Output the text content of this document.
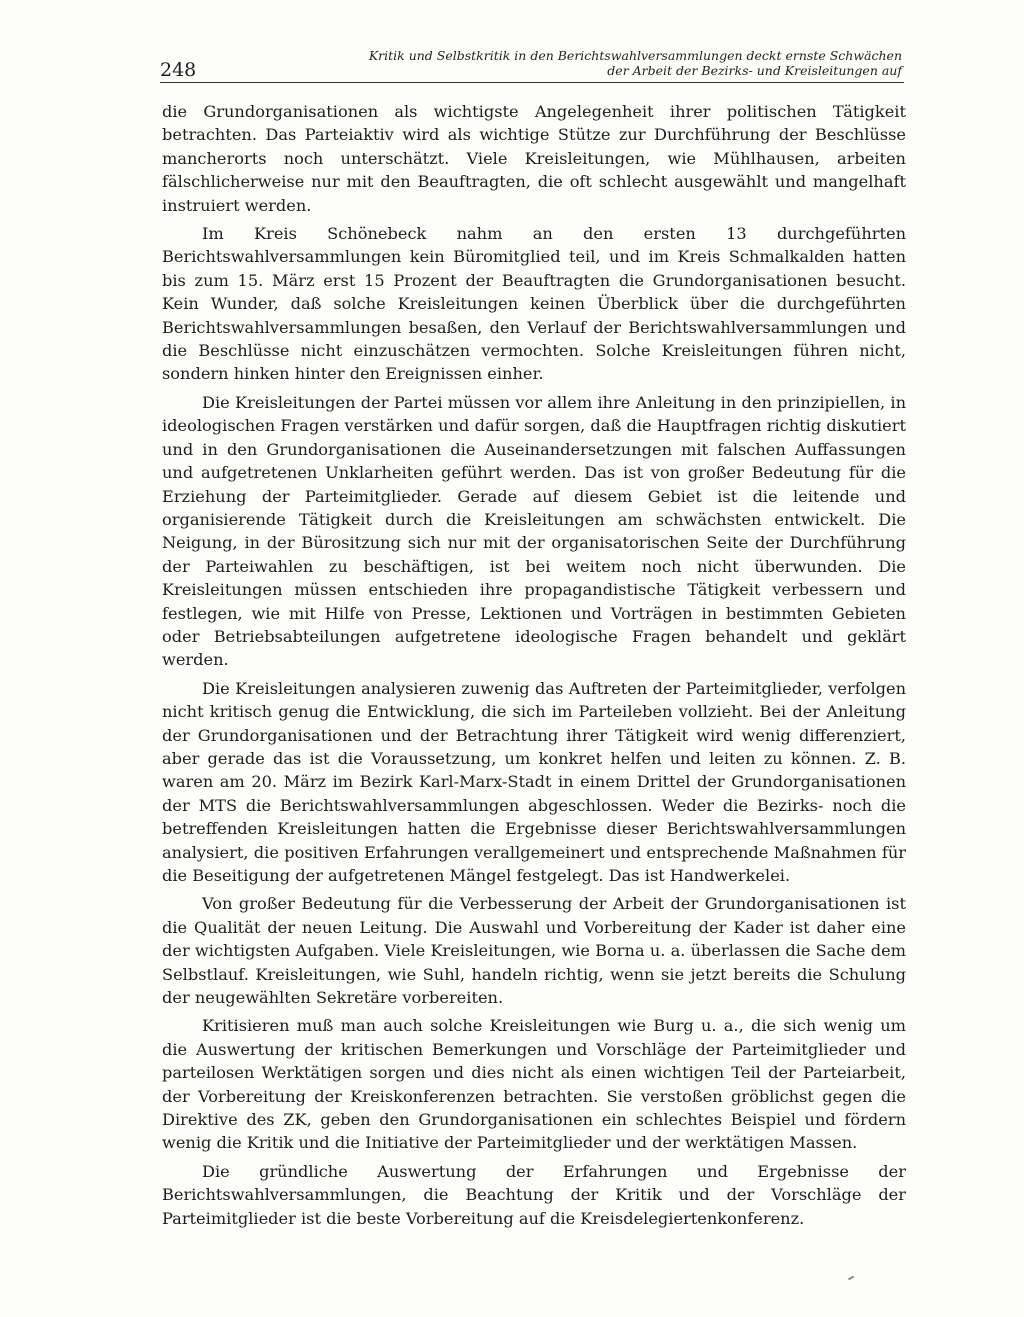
248
Kritik und Selbstkritik in den Berichtswahlversammlungen deckt ernste Schwächen
der Arbeit der Bezirks- und Kreisleitungen auf

die Grundorganisationen als wichtigste Angelegenheit ihrer politischen Tätigkeit betrachten. Das Parteiaktiv wird als wichtige Stütze zur Durchführung der Beschlüsse mancherorts noch unterschätzt. Viele Kreisleitungen, wie Mühlhausen, arbeiten fälschlicherweise nur mit den Beauftragten, die oft schlecht ausgewählt und mangelhaft instruiert werden.

Im Kreis Schönebeck nahm an den ersten 13 durchgeführten Berichtswahlversammlungen kein Büromitglied teil, und im Kreis Schmalkalden hatten bis zum 15. März erst 15 Prozent der Beauftragten die Grundorganisationen besucht. Kein Wunder, daß solche Kreisleitungen keinen Überblick über die durchgeführten Berichtswahlversammlungen besaßen, den Verlauf der Berichtswahlversammlungen und die Beschlüsse nicht einzuschätzen vermochten. Solche Kreisleitungen führen nicht, sondern hinken hinter den Ereignissen einher.

Die Kreisleitungen der Partei müssen vor allem ihre Anleitung in den prinzipiellen, in ideologischen Fragen verstärken und dafür sorgen, daß die Hauptfragen richtig diskutiert und in den Grundorganisationen die Auseinandersetzungen mit falschen Auffassungen und aufgetretenen Unklarheiten geführt werden. Das ist von großer Bedeutung für die Erziehung der Parteimitglieder. Gerade auf diesem Gebiet ist die leitende und organisierende Tätigkeit durch die Kreisleitungen am schwächsten entwickelt. Die Neigung, in der Bürositzung sich nur mit der organisatorischen Seite der Durchführung der Parteiwahlen zu beschäftigen, ist bei weitem noch nicht überwunden. Die Kreisleitungen müssen entschieden ihre propagandistische Tätigkeit verbessern und festlegen, wie mit Hilfe von Presse, Lektionen und Vorträgen in bestimmten Gebieten oder Betriebsabteilungen aufgetretene ideologische Fragen behandelt und geklärt werden.

Die Kreisleitungen analysieren zuwenig das Auftreten der Parteimitglieder, verfolgen nicht kritisch genug die Entwicklung, die sich im Parteileben vollzieht. Bei der Anleitung der Grundorganisationen und der Betrachtung ihrer Tätigkeit wird wenig differenziert, aber gerade das ist die Voraussetzung, um konkret helfen und leiten zu können. Z. B. waren am 20. März im Bezirk Karl-Marx-Stadt in einem Drittel der Grundorganisationen der MTS die Berichtswahlversammlungen abgeschlossen. Weder die Bezirks- noch die betreffenden Kreisleitungen hatten die Ergebnisse dieser Berichtswahlversammlungen analysiert, die positiven Erfahrungen verallgemeinert und entsprechende Maßnahmen für die Beseitigung der aufgetretenen Mängel festgelegt. Das ist Handwerkelei.

Von großer Bedeutung für die Verbesserung der Arbeit der Grundorganisationen ist die Qualität der neuen Leitung. Die Auswahl und Vorbereitung der Kader ist daher eine der wichtigsten Aufgaben. Viele Kreisleitungen, wie Borna u. a. überlassen die Sache dem Selbstlauf. Kreisleitungen, wie Suhl, handeln richtig, wenn sie jetzt bereits die Schulung der neugewählten Sekretäre vorbereiten.

Kritisieren muß man auch solche Kreisleitungen wie Burg u. a., die sich wenig um die Auswertung der kritischen Bemerkungen und Vorschläge der Parteimitglieder und parteilosen Werktätigen sorgen und dies nicht als einen wichtigen Teil der Parteiarbeit, der Vorbereitung der Kreiskonferenzen betrachten. Sie verstoßen gröblichst gegen die Direktive des ZK, geben den Grundorganisationen ein schlechtes Beispiel und fördern wenig die Kritik und die Initiative der Parteimitglieder und der werktätigen Massen.

Die gründliche Auswertung der Erfahrungen und Ergebnisse der Berichtswahlversammlungen, die Beachtung der Kritik und der Vorschläge der Parteimitglieder ist die beste Vorbereitung auf die Kreisdelegiertenkonferenz.
